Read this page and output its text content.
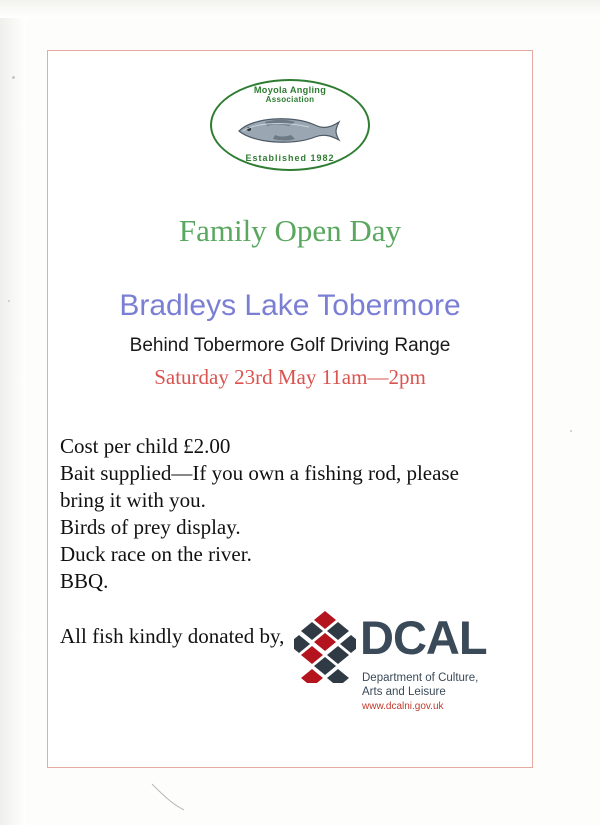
Moyola Angling
Association
Established 1982
Family Open Day
Bradleys Lake Tobermore
Behind Tobermore Golf Driving Range
Saturday 23rd May 11am—2pm
Cost per child £2.00
Bait supplied—If you own a fishing rod, please
bring it with you.
Birds of prey display.
Duck race on the river.
BBQ.
All fish kindly donated by,	DCAL
Department of Culture,
Arts and Leisure
www.dcalni.gov.uk
